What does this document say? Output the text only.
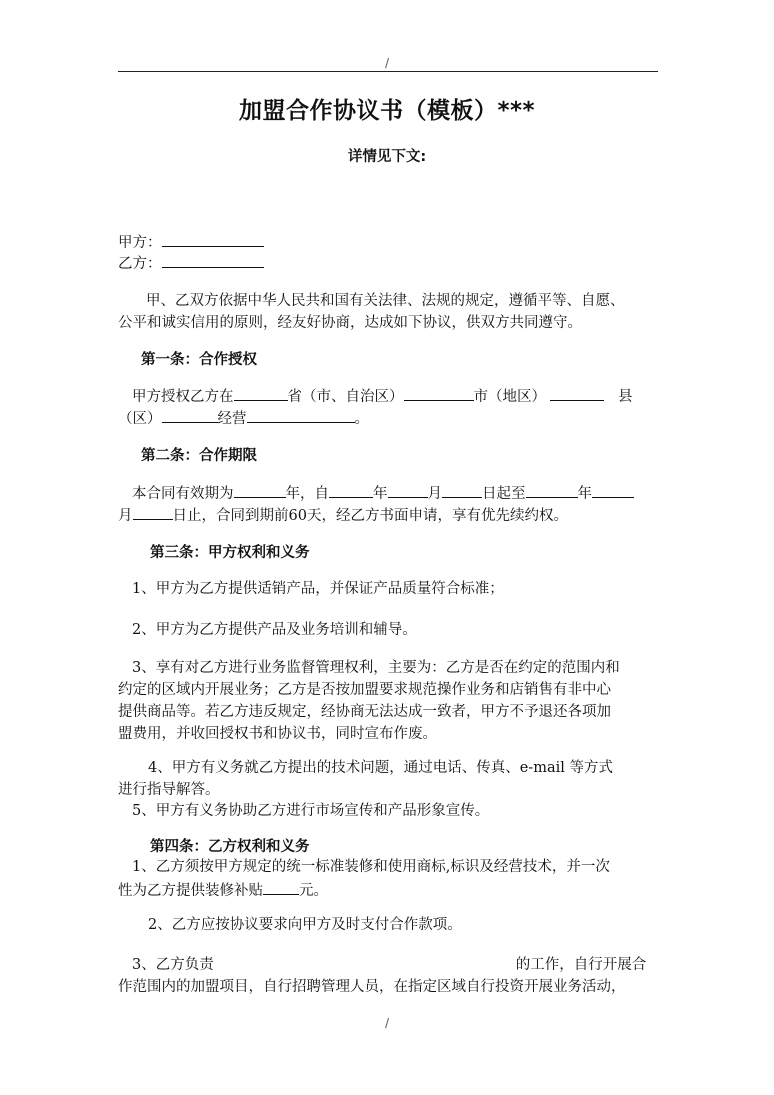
/
加盟合作协议书（模板）***
详情见下文:
甲方：
乙方：
甲、乙双方依据中华人民共和国有关法律、法规的规定，遵循平等、自愿、
公平和诚实信用的原则，经友好协商，达成如下协议，供双方共同遵守。
第一条：合作授权
甲方授权乙方在	省（市、自治区）	市（地区）	县
（区）	经营	。
第二条：合作期限
本合同有效期为	年，自	年	月	日起至	年
月	日止，合同到期前60天，经乙方书面申请，享有优先续约权。
第三条：甲方权利和义务
1、甲方为乙方提供适销产品，并保证产品质量符合标准；
2、甲方为乙方提供产品及业务培训和辅导。
3、享有对乙方进行业务监督管理权利，主要为：乙方是否在约定的范围内和
约定的区域内开展业务；乙方是否按加盟要求规范操作业务和店销售有非中心
提供商品等。若乙方违反规定，经协商无法达成一致者，甲方不予退还各项加
盟费用，并收回授权书和协议书，同时宣布作废。
4、甲方有义务就乙方提出的技术问题，通过电话、传真、e-mail 等方式
进行指导解答。
5、甲方有义务协助乙方进行市场宣传和产品形象宣传。
第四条：乙方权利和义务
1、乙方须按甲方规定的统一标准装修和使用商标,标识及经营技术，并一次
性为乙方提供装修补贴 元。
2、乙方应按协议要求向甲方及时支付合作款项。
3、乙方负责	的工作，自行开展合
作范围内的加盟项目，自行招聘管理人员，在指定区域自行投资开展业务活动，
/
